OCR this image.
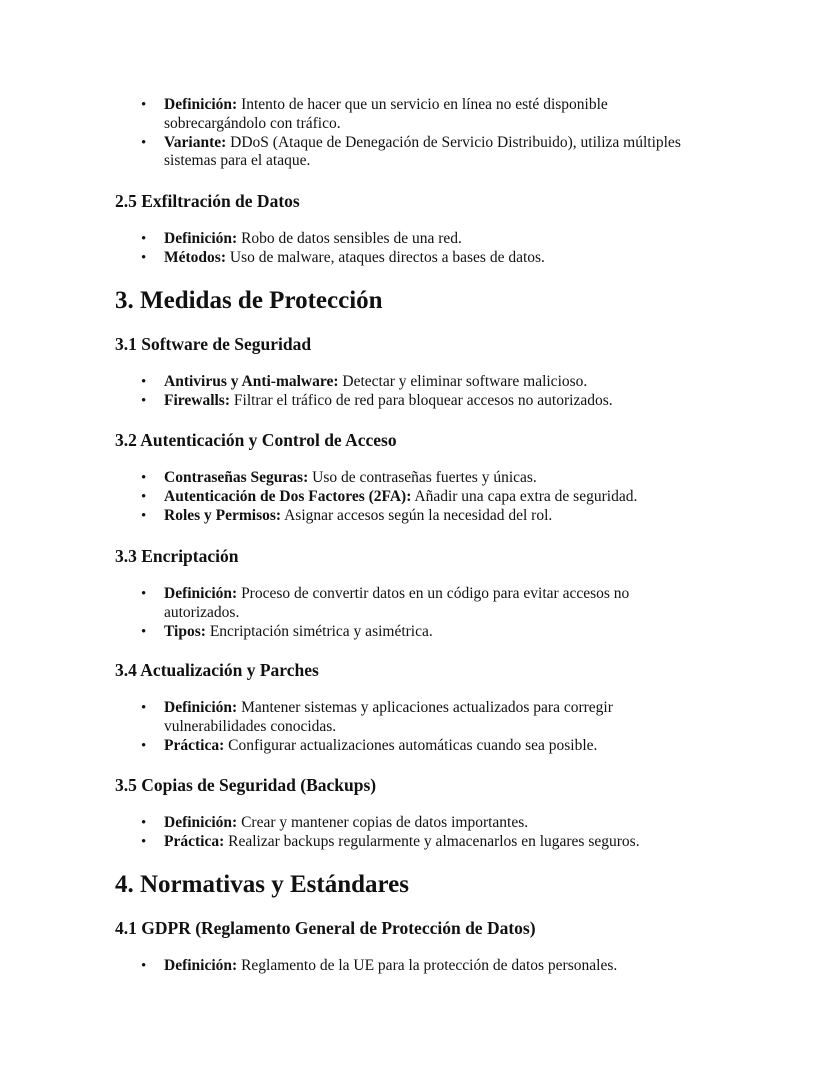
• Definición: Intento de hacer que un servicio en línea no esté disponible sobrecargándolo con tráfico.
• Variante: DDoS (Ataque de Denegación de Servicio Distribuido), utiliza múltiples sistemas para el ataque.
2.5 Exfiltración de Datos
• Definición: Robo de datos sensibles de una red.
• Métodos: Uso de malware, ataques directos a bases de datos.
3. Medidas de Protección
3.1 Software de Seguridad
• Antivirus y Anti-malware: Detectar y eliminar software malicioso.
• Firewalls: Filtrar el tráfico de red para bloquear accesos no autorizados.
3.2 Autenticación y Control de Acceso
• Contraseñas Seguras: Uso de contraseñas fuertes y únicas.
• Autenticación de Dos Factores (2FA): Añadir una capa extra de seguridad.
• Roles y Permisos: Asignar accesos según la necesidad del rol.
3.3 Encriptación
• Definición: Proceso de convertir datos en un código para evitar accesos no autorizados.
• Tipos: Encriptación simétrica y asimétrica.
3.4 Actualización y Parches
• Definición: Mantener sistemas y aplicaciones actualizados para corregir vulnerabilidades conocidas.
• Práctica: Configurar actualizaciones automáticas cuando sea posible.
3.5 Copias de Seguridad (Backups)
• Definición: Crear y mantener copias de datos importantes.
• Práctica: Realizar backups regularmente y almacenarlos en lugares seguros.
4. Normativas y Estándares
4.1 GDPR (Reglamento General de Protección de Datos)
• Definición: Reglamento de la UE para la protección de datos personales.
